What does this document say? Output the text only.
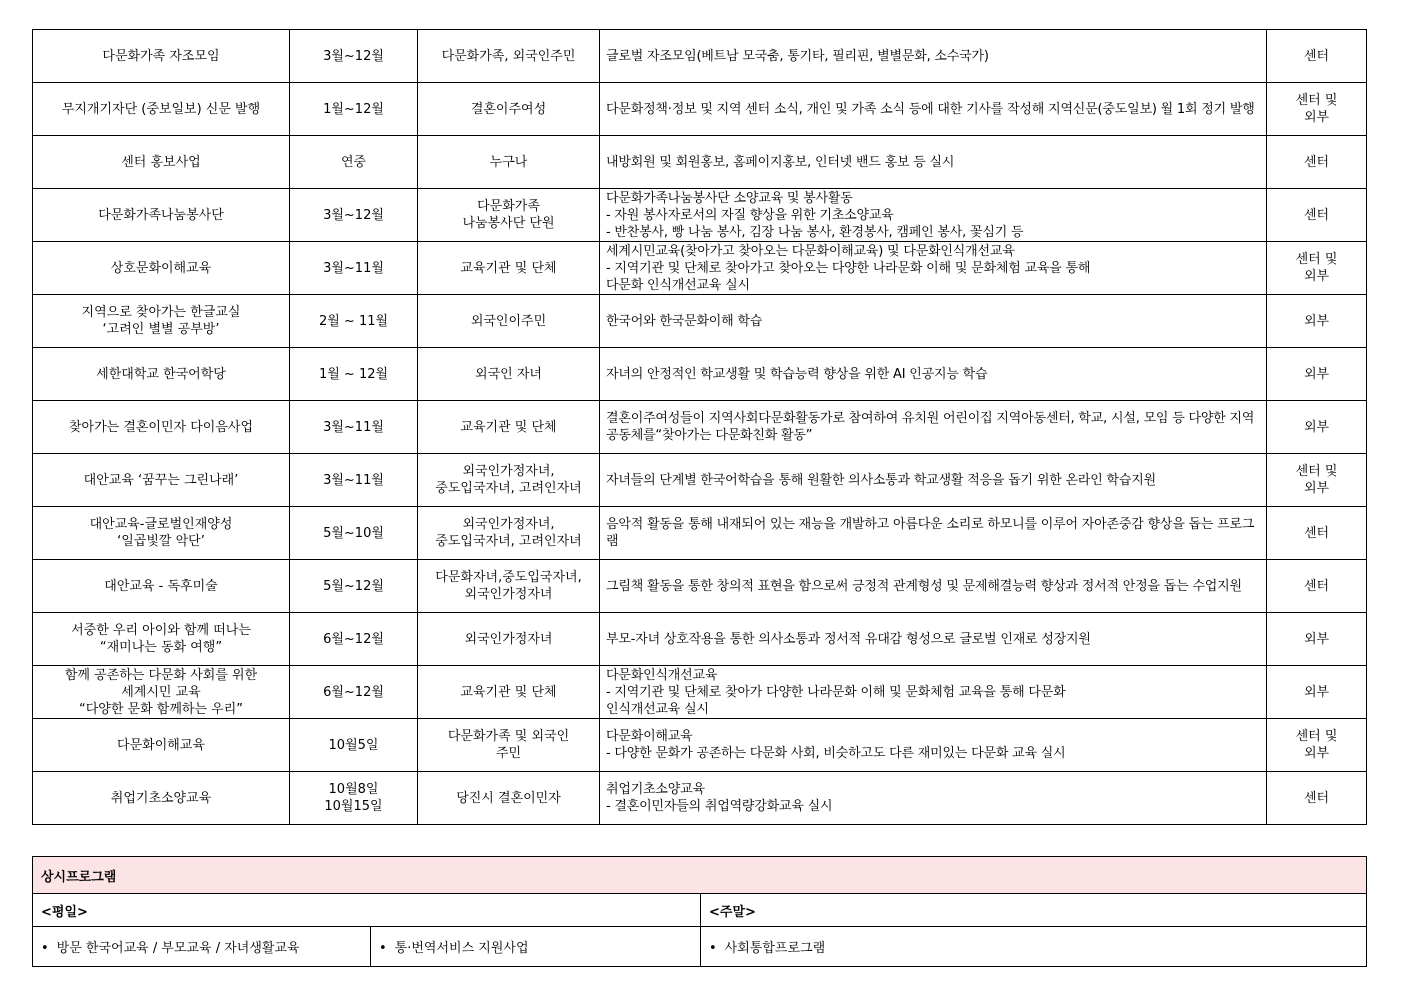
다문화가족 자조모임	3월~12월	다문화가족, 외국인주민	글로벌 자조모임(베트남 모국춤, 통기타, 필리핀, 별별문화, 소수국가)	센터
무지개기자단 (중보일보) 신문 발행	1월~12월	결혼이주여성	다문화정책·정보 및 지역 센터 소식, 개인 및 가족 소식 등에 대한 기사를 작성해 지역신문(중도일보) 월 1회 정기 발행	센터 및
외부
센터 홍보사업	연중	누구나	내방회원 및 회원홍보, 홈페이지홍보, 인터넷 밴드 홍보 등 실시	센터
다문화가족나눔봉사단	3월~12월	다문화가족
나눔봉사단 단원	다문화가족나눔봉사단 소양교육 및 봉사활동
- 자원 봉사자로서의 자질 향상을 위한 기초소양교육
- 반찬봉사, 빵 나눔 봉사, 김장 나눔 봉사, 환경봉사, 캠페인 봉사, 꽃심기 등	센터
상호문화이해교육	3월~11월	교육기관 및 단체	세계시민교육(찾아가고 찾아오는 다문화이해교육) 및 다문화인식개선교육
- 지역기관 및 단체로 찾아가고 찾아오는 다양한 나라문화 이해 및 문화체험 교육을 통해
다문화 인식개선교육 실시	센터 및
외부
지역으로 찾아가는 한글교실
‘고려인 별별 공부방’	2월 ~ 11월	외국인이주민	한국어와 한국문화이해 학습	외부
세한대학교 한국어학당	1월 ~ 12월	외국인 자녀	자녀의 안정적인 학교생활 및 학습능력 향상을 위한 AI 인공지능 학습	외부
찾아가는 결혼이민자 다이음사업	3월~11월	교육기관 및 단체	결혼이주여성들이 지역사회다문화활동가로 참여하여 유치원 어린이집 지역아동센터, 학교, 시설, 모임 등 다양한 지역공동체를“찾아가는 다문화친화 활동”	외부
대안교육 ‘꿈꾸는 그린나래’	3월~11월	외국인가정자녀,
중도입국자녀, 고려인자녀	자녀들의 단계별 한국어학습을 통해 원활한 의사소통과 학교생활 적응을 돕기 위한 온라인 학습지원	센터 및
외부
대안교육-글로벌인재양성
‘일곱빛깔 악단’	5월~10월	외국인가정자녀,
중도입국자녀, 고려인자녀	음악적 활동을 통해 내재되어 있는 재능을 개발하고 아름다운 소리로 하모니를 이루어 자아존중감 향상을 돕는 프로그램	센터
대안교육 - 독후미술	5월~12월	다문화자녀,중도입국자녀,
외국인가정자녀	그림책 활동을 통한 창의적 표현을 함으로써 긍정적 관계형성 및 문제해결능력 향상과 정서적 안정을 돕는 수업지원	센터
서중한 우리 아이와 함께 떠나는
“재미나는 동화 여행”	6월~12월	외국인가정자녀	부모-자녀 상호작용을 통한 의사소통과 정서적 유대감 형성으로 글로벌 인재로 성장지원	외부
함께 공존하는 다문화 사회를 위한
세계시민 교육
“다양한 문화 함께하는 우리”	6월~12월	교육기관 및 단체	다문화인식개선교육
- 지역기관 및 단체로 찾아가 다양한 나라문화 이해 및 문화체험 교육을 통해 다문화
인식개선교육 실시	외부
다문화이해교육	10월5일	다문화가족 및 외국인
주민	다문화이해교육
- 다양한 문화가 공존하는 다문화 사회, 비슷하고도 다른 재미있는 다문화 교육 실시	센터 및
외부
취업기초소양교육	10월8일
10월15일	당진시 결혼이민자	취업기초소양교육
- 결혼이민자들의 취업역량강화교육 실시	센터
상시프로그램		
<평일>		<주말>
• 방문 한국어교육 / 부모교육 / 자녀생활교육	• 통·번역서비스 지원사업	• 사회통합프로그램
